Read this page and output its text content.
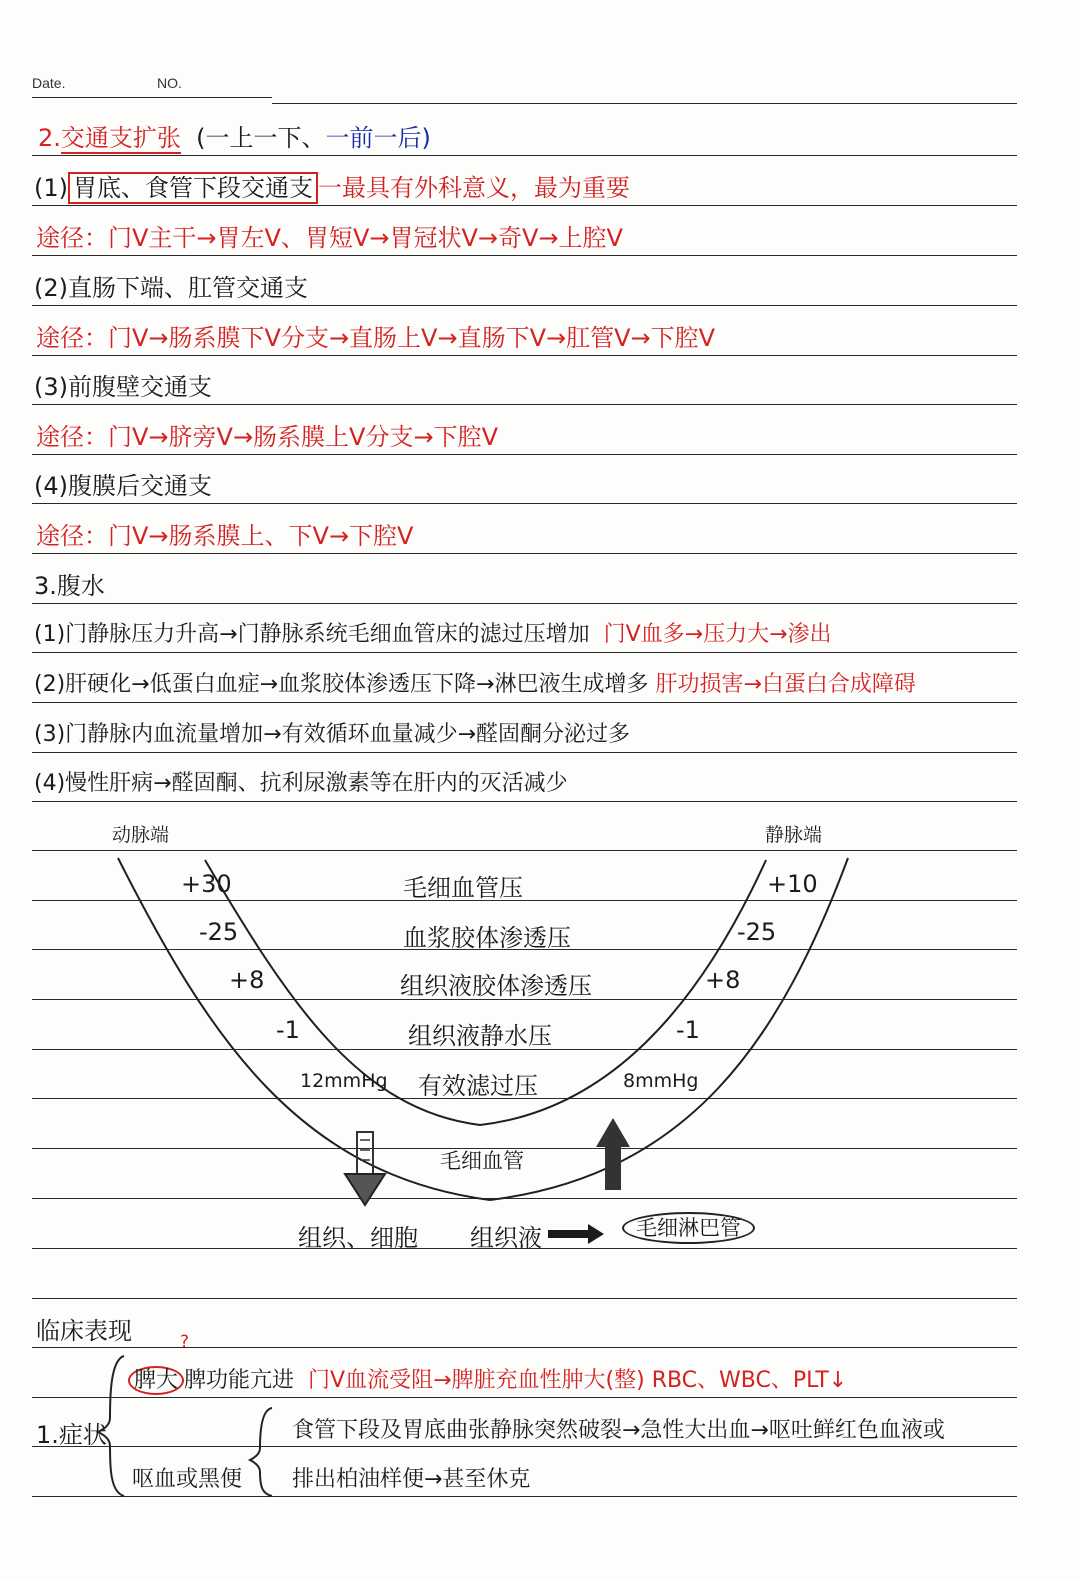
Date.	NO.
2.交通支扩张 (一上一下、一前一后)
(1) 胃底、食管下段交通支 一最具有外科意义，最为重要
途径：门V主干→胃左V、胃短V→胃冠状V→奇V→上腔V
(2)直肠下端、肛管交通支
途径：门V→肠系膜下V分支→直肠上V→直肠下V→肛管V→下腔V
(3)前腹壁交通支
途径：门V→脐旁V→肠系膜上V分支→下腔V
(4)腹膜后交通支
途径：门V→肠系膜上、下V→下腔V
3.腹水
(1)门静脉压力升高→门静脉系统毛细血管床的滤过压增加 门V血多→压力大→渗出
(2)肝硬化→低蛋白血症→血浆胶体渗透压下降→淋巴液生成增多 肝功损害→白蛋白合成障碍
(3)门静脉内血流量增加→有效循环血量减少→醛固酮分泌过多
(4)慢性肝病→醛固酮、抗利尿激素等在肝内的灭活减少
动脉端	静脉端
+30	毛细血管压	+10
-25	血浆胶体渗透压	-25
+8	组织液胶体渗透压	+8
-1	组织液静水压	-1
12mmHg 有效滤过压	8mmHg
毛细血管
组织、细胞 组织液	毛细淋巴管
临床表现	?
1.症状
脾大 脾功能亢进 门V血流受阻→脾脏充血性肿大(整) RBC、WBC、PLT↓
食管下段及胃底曲张静脉突然破裂→急性大出血→呕吐鲜红色血液或
呕血或黑便 排出柏油样便→甚至休克
